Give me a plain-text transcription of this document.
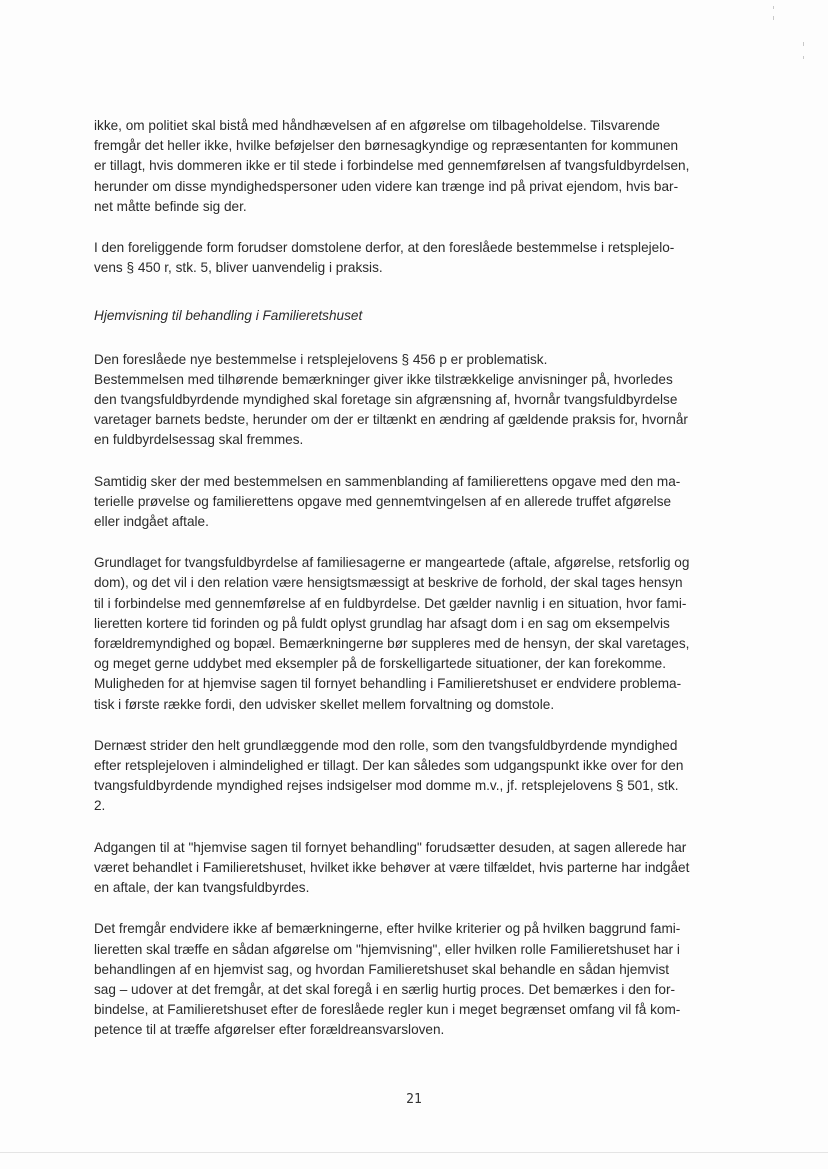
ikke, om politiet skal bistå med håndhævelsen af en afgørelse om tilbageholdelse. Tilsvarende
fremgår det heller ikke, hvilke beføjelser den børnesagkyndige og repræsentanten for kommunen
er tillagt, hvis dommeren ikke er til stede i forbindelse med gennemførelsen af tvangsfuldbyrdelsen,
herunder om disse myndighedspersoner uden videre kan trænge ind på privat ejendom, hvis bar-
net måtte befinde sig der.
I den foreliggende form forudser domstolene derfor, at den foreslåede bestemmelse i retsplejelo-
vens § 450 r, stk. 5, bliver uanvendelig i praksis.
Hjemvisning til behandling i Familieretshuset
Den foreslåede nye bestemmelse i retsplejelovens § 456 p er problematisk.
Bestemmelsen med tilhørende bemærkninger giver ikke tilstrækkelige anvisninger på, hvorledes
den tvangsfuldbyrdende myndighed skal foretage sin afgrænsning af, hvornår tvangsfuldbyrdelse
varetager barnets bedste, herunder om der er tiltænkt en ændring af gældende praksis for, hvornår
en fuldbyrdelsessag skal fremmes.
Samtidig sker der med bestemmelsen en sammenblanding af familierettens opgave med den ma-
terielle prøvelse og familierettens opgave med gennemtvingelsen af en allerede truffet afgørelse
eller indgået aftale.
Grundlaget for tvangsfuldbyrdelse af familiesagerne er mangeartede (aftale, afgørelse, retsforlig og
dom), og det vil i den relation være hensigtsmæssigt at beskrive de forhold, der skal tages hensyn
til i forbindelse med gennemførelse af en fuldbyrdelse. Det gælder navnlig i en situation, hvor fami-
lieretten kortere tid forinden og på fuldt oplyst grundlag har afsagt dom i en sag om eksempelvis
forældremyndighed og bopæl. Bemærkningerne bør suppleres med de hensyn, der skal varetages,
og meget gerne uddybet med eksempler på de forskelligartede situationer, der kan forekomme.
Muligheden for at hjemvise sagen til fornyet behandling i Familieretshuset er endvidere problema-
tisk i første række fordi, den udvisker skellet mellem forvaltning og domstole.
Dernæst strider den helt grundlæggende mod den rolle, som den tvangsfuldbyrdende myndighed
efter retsplejeloven i almindelighed er tillagt. Der kan således som udgangspunkt ikke over for den
tvangsfuldbyrdende myndighed rejses indsigelser mod domme m.v., jf. retsplejelovens § 501, stk.
2.
Adgangen til at "hjemvise sagen til fornyet behandling" forudsætter desuden, at sagen allerede har
været behandlet i Familieretshuset, hvilket ikke behøver at være tilfældet, hvis parterne har indgået
en aftale, der kan tvangsfuldbyrdes.
Det fremgår endvidere ikke af bemærkningerne, efter hvilke kriterier og på hvilken baggrund fami-
lieretten skal træffe en sådan afgørelse om "hjemvisning", eller hvilken rolle Familieretshuset har i
behandlingen af en hjemvist sag, og hvordan Familieretshuset skal behandle en sådan hjemvist
sag – udover at det fremgår, at det skal foregå i en særlig hurtig proces. Det bemærkes i den for-
bindelse, at Familieretshuset efter de foreslåede regler kun i meget begrænset omfang vil få kom-
petence til at træffe afgørelser efter forældreansvarsloven.
21
